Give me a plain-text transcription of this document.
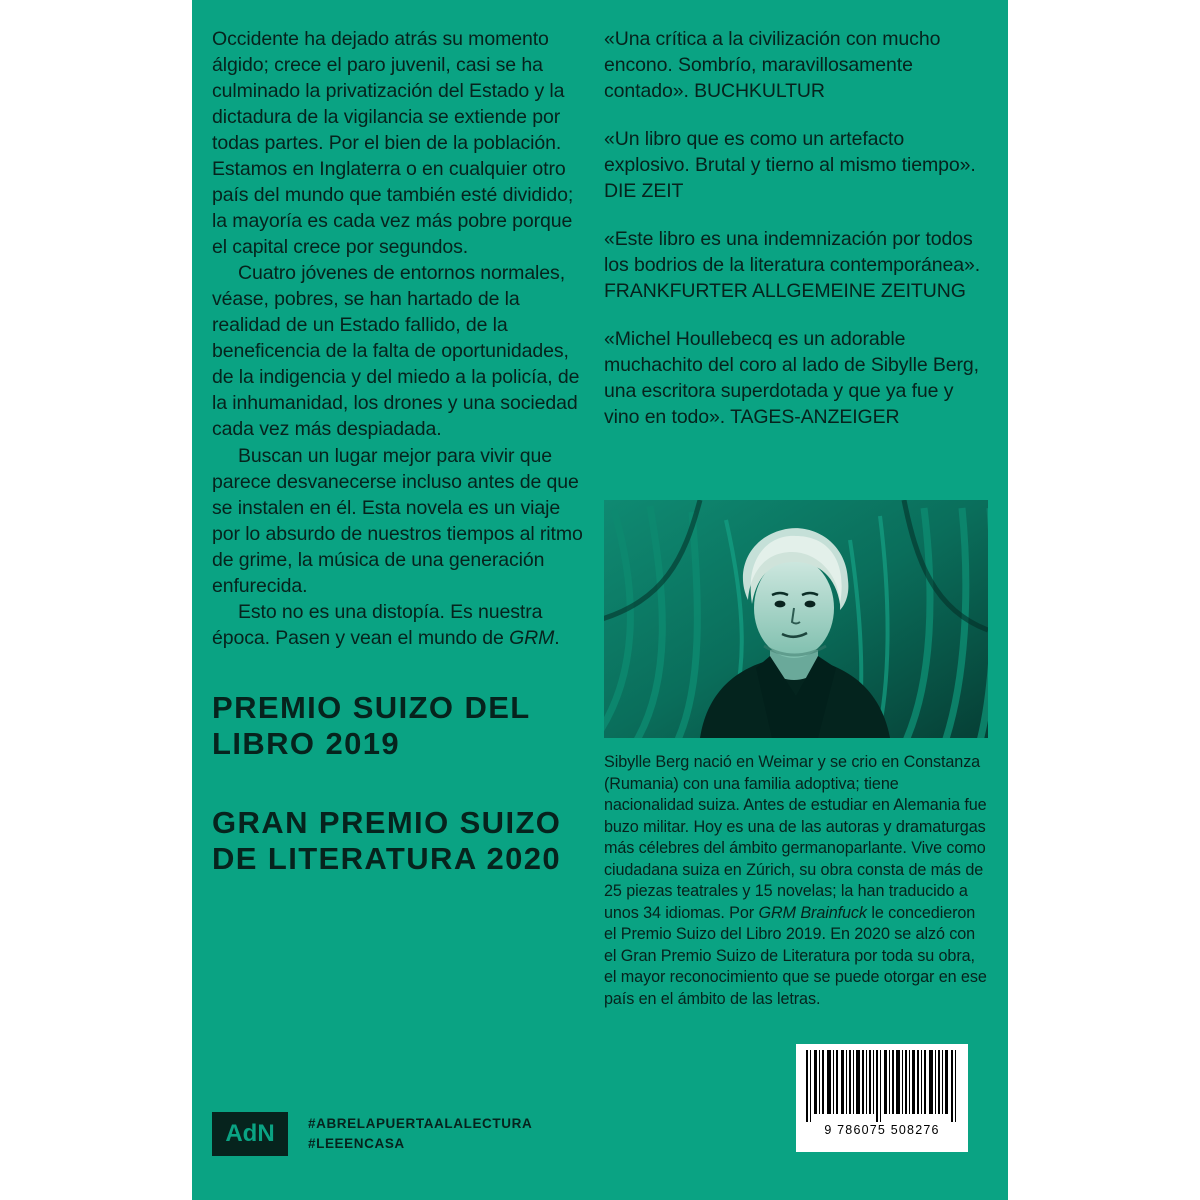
Occidente ha dejado atrás su momento álgido; crece el paro juvenil, casi se ha culminado la privatización del Estado y la dictadura de la vigilancia se extiende por todas partes. Por el bien de la población. Estamos en Inglaterra o en cualquier otro país del mundo que también esté dividido; la mayoría es cada vez más pobre porque el capital crece por segundos.

Cuatro jóvenes de entornos normales, véase, pobres, se han hartado de la realidad de un Estado fallido, de la beneficencia de la falta de oportunidades, de la indigencia y del miedo a la policía, de la inhumanidad, los drones y una sociedad cada vez más despiadada.

Buscan un lugar mejor para vivir que parece desvanecerse incluso antes de que se instalen en él. Esta novela es un viaje por lo absurdo de nuestros tiempos al ritmo de grime, la música de una generación enfurecida.

Esto no es una distopía. Es nuestra época. Pasen y vean el mundo de GRM.

«Una crítica a la civilización con mucho encono. Sombrío, maravillosamente contado». BUCHKULTUR

«Un libro que es como un artefacto explosivo. Brutal y tierno al mismo tiempo». DIE ZEIT

«Este libro es una indemnización por todos los bodrios de la literatura contemporánea». FRANKFURTER ALLGEMEINE ZEITUNG

«Michel Houllebecq es un adorable muchachito del coro al lado de Sibylle Berg, una escritora superdotada y que ya fue y vino en todo». TAGES-ANZEIGER

PREMIO SUIZO DEL LIBRO 2019
GRAN PREMIO SUIZO DE LITERATURA 2020

Sibylle Berg nació en Weimar y se crio en Constanza (Rumania) con una familia adoptiva; tiene nacionalidad suiza. Antes de estudiar en Alemania fue buzo militar. Hoy es una de las autoras y dramaturgas más célebres del ámbito germanoparlante. Vive como ciudadana suiza en Zúrich, su obra consta de más de 25 piezas teatrales y 15 novelas; la han traducido a unos 34 idiomas. Por GRM Brainfuck le concedieron el Premio Suizo del Libro 2019. En 2020 se alzó con el Gran Premio Suizo de Literatura por toda su obra, el mayor reconocimiento que se puede otorgar en ese país en el ámbito de las letras.

9 786075 508276
AdN	#ABRELAPUERTAALALECTURA
#LEEENCASA
